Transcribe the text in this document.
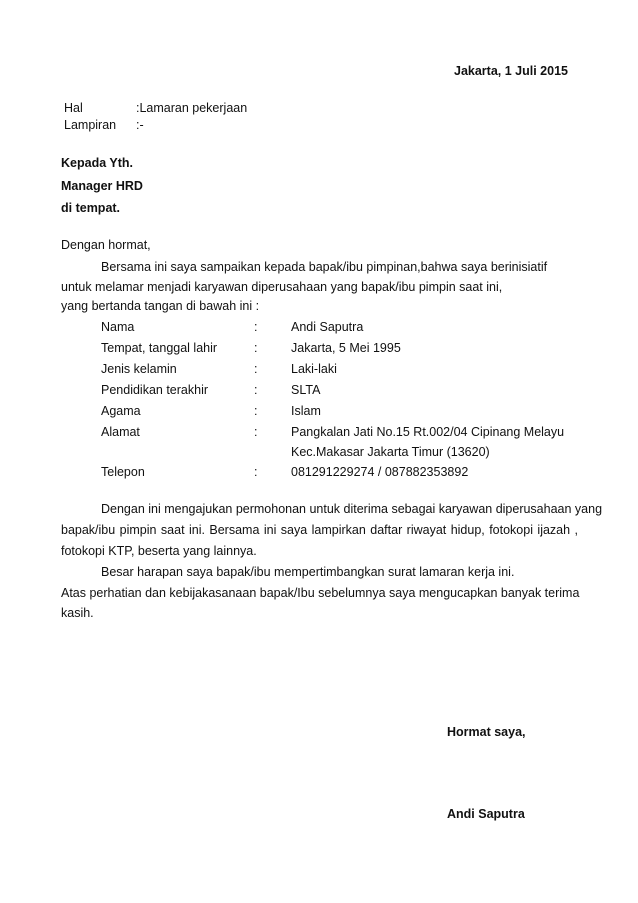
Jakarta, 1 Juli 2015
Hal	:Lamaran pekerjaan
Lampiran :-
Kepada Yth.
Manager HRD
di tempat.
Dengan hormat,
Bersama ini saya sampaikan kepada bapak/ibu pimpinan,bahwa saya berinisiatif
untuk melamar menjadi karyawan diperusahaan yang bapak/ibu pimpin saat ini,
yang bertanda tangan di bawah ini :
Nama	:	Andi Saputra
Tempat, tanggal lahir	:	Jakarta, 5 Mei 1995
Jenis kelamin	:	Laki-laki
Pendidikan terakhir	:	SLTA
Agama	:	Islam
Alamat	:	Pangkalan Jati No.15 Rt.002/04 Cipinang Melayu
Kec.Makasar Jakarta Timur (13620)
Telepon	:	081291229274 / 087882353892
Dengan ini mengajukan permohonan untuk diterima sebagai karyawan diperusahaan yang
bapak/ibu pimpin saat ini. Bersama ini saya lampirkan daftar riwayat hidup, fotokopi ijazah ,
fotokopi KTP, beserta yang lainnya.
Besar harapan saya bapak/ibu mempertimbangkan surat lamaran kerja ini.
Atas perhatian dan kebijakasanaan bapak/Ibu sebelumnya saya mengucapkan banyak terima
kasih.
Hormat saya,
Andi Saputra
